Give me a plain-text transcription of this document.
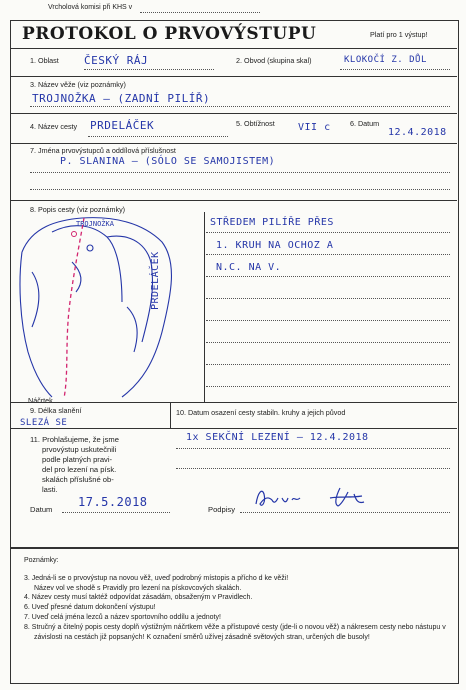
Vrcholová komisi při KHS v
PROTOKOL O PRVOVÝSTUPU	Platí pro 1 výstup!
1. Oblast ČESKÝ RÁJ	2. Obvod (skupina skal)	KLOKOČÍ Z. DŮL
3. Název věže (viz poznámky)
TROJNOŽKA – (ZADNÍ PILÍŘ)
4. Název cesty PRDELÁČEK	5. Obtížnost VII c	6. Datum
12.4.2018
7. Jména prvovýstupců a oddílová příslušnost
P. SLANINA – (SÓLO SE SAMOJISTEM)
8. Popis cesty (viz poznámky)
TROJNOŽKA
PRDELÁČEK
Náčrtek
STŘEDEM PILÍŘE PŘES
1. KRUH NA OCHOZ A
N.C. NA V.
9. Délka slanění
SLEZÁ SE
10. Datum osazení cesty stabiln. kruhy a jejich původ
11. Prohlašujeme, že jsme
prvovýstup uskutečnili
podle platných pravi-
del pro lezení na písk.
skalách příslušné ob-
lasti.
1x SEKČNÍ LEZENÍ – 12.4.2018
Datum
17.5.2018
Podpisy
Poznámky:
3. Jedná-li se o prvovýstup na novou věž, uveď podrobný místopis a přícho d ke věži!
Název vol ve shodě s Pravidly pro lezení na pískovcových skalách.
4. Název cesty musí taktéž odpovídat zásadám, obsaženým v Pravidlech.
6. Uveď přesné datum dokončení výstupu!
7. Uveď celá jména lezců a název sportovního oddílu a jednoty!
8. Stručný a čitelný popis cesty doplň výstižným náčrtkem věže a přístupové cesty (jde-li o novou věž) a nákresem cesty nebo nástupu v závislosti na cestách již popsaných! K označení směrů užívej zásadně světových stran, určených dle busoly!
